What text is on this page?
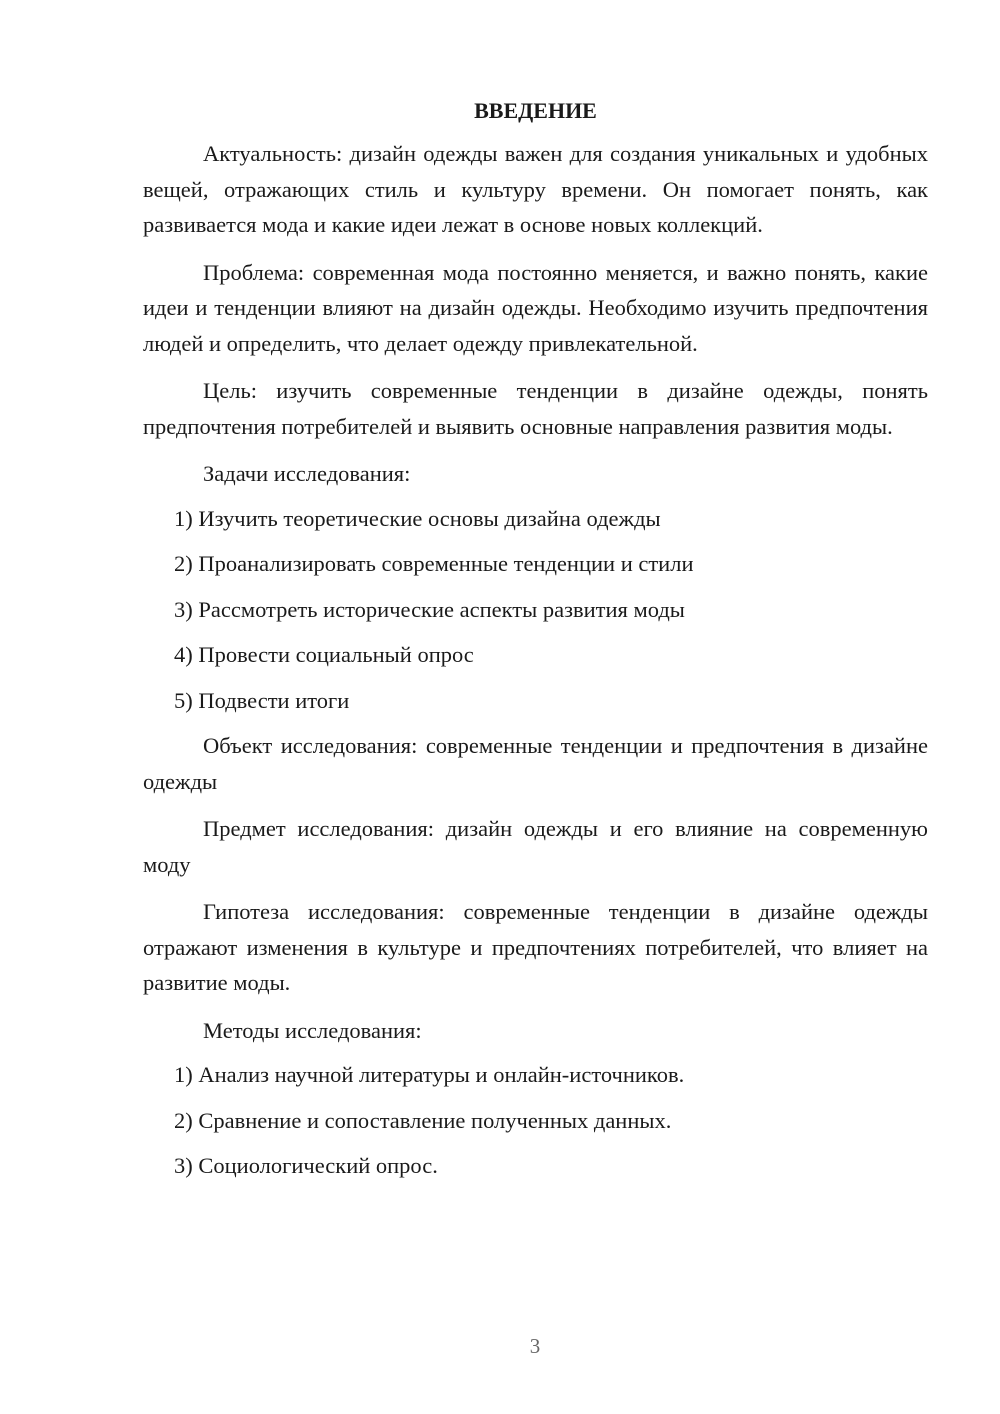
ВВЕДЕНИЕ

Актуальность: дизайн одежды важен для создания уникальных и удобных вещей, отражающих стиль и культуру времени. Он помогает понять, как развивается мода и какие идеи лежат в основе новых коллекций.

Проблема: современная мода постоянно меняется, и важно понять, какие идеи и тенденции влияют на дизайн одежды. Необходимо изучить предпочтения людей и определить, что делает одежду привлекательной.

Цель: изучить современные тенденции в дизайне одежды, понять предпочтения потребителей и выявить основные направления развития моды.

Задачи исследования:
1) Изучить теоретические основы дизайна одежды
2) Проанализировать современные тенденции и стили
3) Рассмотреть исторические аспекты развития моды
4) Провести социальный опрос
5) Подвести итоги

Объект исследования: современные тенденции и предпочтения в дизайне одежды

Предмет исследования: дизайн одежды и его влияние на современную моду

Гипотеза исследования: современные тенденции в дизайне одежды отражают изменения в культуре и предпочтениях потребителей, что влияет на развитие моды.

Методы исследования:
1) Анализ научной литературы и онлайн-источников.
2) Сравнение и сопоставление полученных данных.
3) Социологический опрос.
3
